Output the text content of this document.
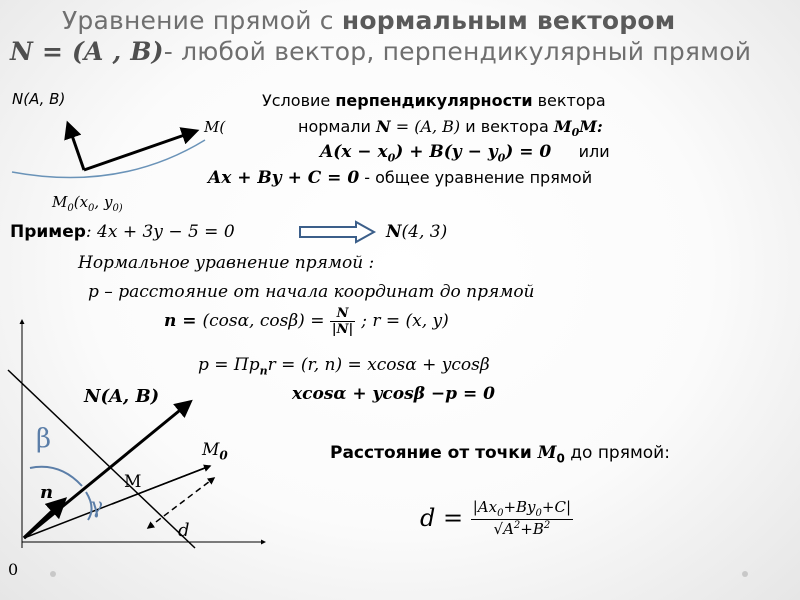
Уравнение прямой с нормальным вектором
N = (A , B)- любой вектор, перпендикулярный прямой
N(A, B)
$M_0(x_0$, $y_{0)}$
M(
Условие перпендикулярности вектора
нормали N = (A, B) и вектора $M_0M$:
$A(x - x_0) + B(y - y_0) = 0$ или
Ax + By + C = 0 - общее уравнение прямой
Пример: 4x + 3y − 5 = 0	N(4, 3)
Нормальное уравнение прямой :
p – расстояние от начала координат до прямой
n = (cosα, $\cos\beta) = \frac{N}{|N|}$ ; r = (x, y)
$p = Пр_nr = (r$, n) = xcosα + ycosβ
xcosα + ycosβ −p = 0
N(A, B)
β
γ
n	M
$M_0$
d
0
Расстояние от точки $M_0$ до прямой:
$d = \frac{|Ax_0+By_0+C|}{√A^2+B^2}$
